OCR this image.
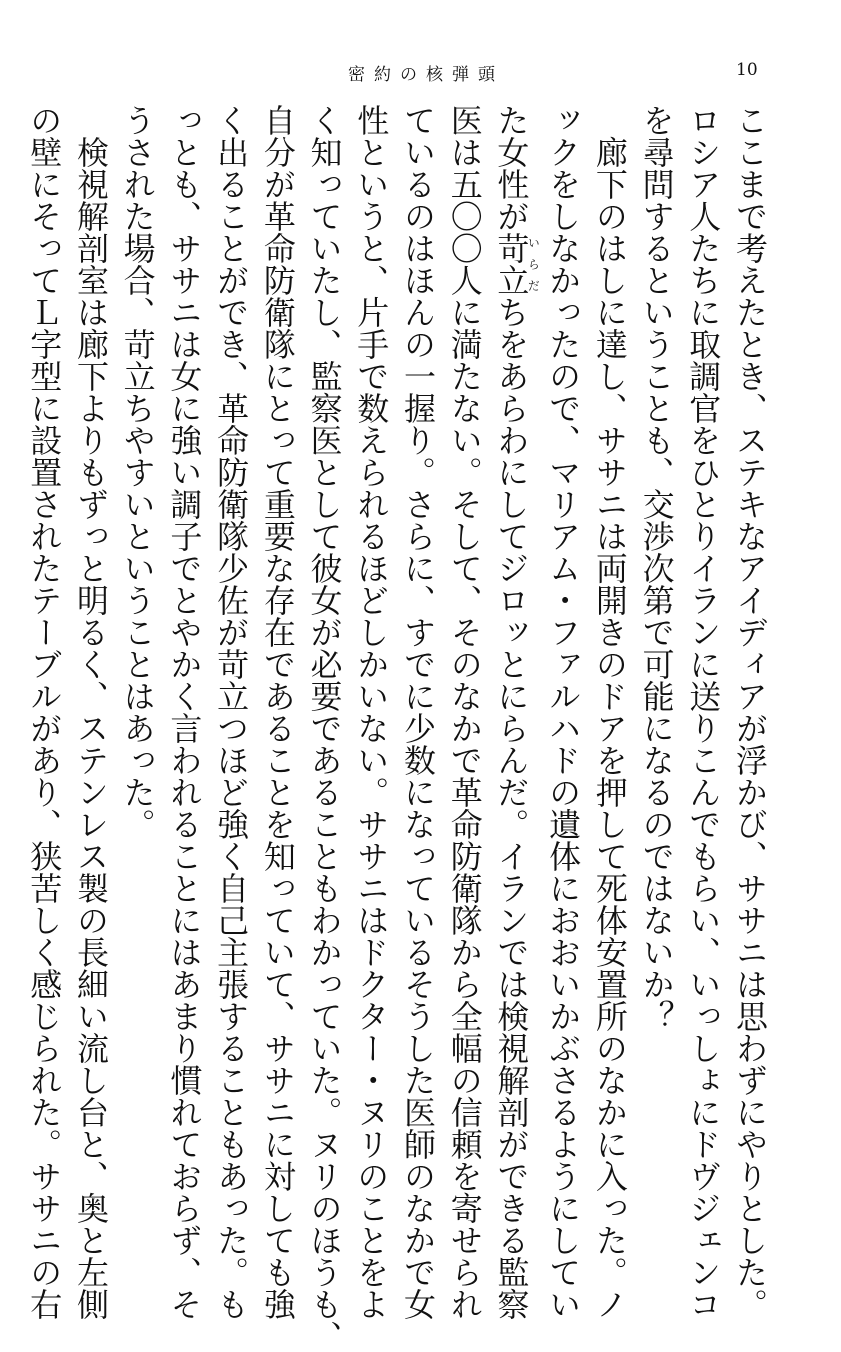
密約の核弾頭	10
ここまで考えたとき、ステキなアイディアが浮かび、ササニは思わずにやりとした。
ロシア人たちに取調官をひとりイランに送りこんでもらい、いっしょにドヴジェンコ
を尋問するということも、交渉次第で可能になるのではないか？
　廊下のはしに達し、ササニは両開きのドアを押して死体安置所のなかに入った。ノ
ックをしなかったので、マリアム・ファルハドの遺体におおいかぶさるようにしてい
た女性が苛立いらだちをあらわにしてジロッとにらんだ。イランでは検視解剖ができる監察
医は五〇〇人に満たない。そして、そのなかで革命防衛隊から全幅の信頼を寄せられ
ているのはほんの一握り。さらに、すでに少数になっているそうした医師のなかで女
性というと、片手で数えられるほどしかいない。ササニはドクター・ヌリのことをよ
く知っていたし、監察医として彼女が必要であることもわかっていた。ヌリのほうも、
自分が革命防衛隊にとって重要な存在であることを知っていて、ササニに対しても強
く出ることができ、革命防衛隊少佐が苛立つほど強く自己主張することもあった。も
っとも、ササニは女に強い調子でとやかく言われることにはあまり慣れておらず、そ
うされた場合、苛立ちやすいということはあった。
　検視解剖室は廊下よりもずっと明るく、ステンレス製の長細い流し台と、奥と左側
の壁にそってＬ字型に設置されたテーブルがあり、狭苦しく感じられた。ササニの右
